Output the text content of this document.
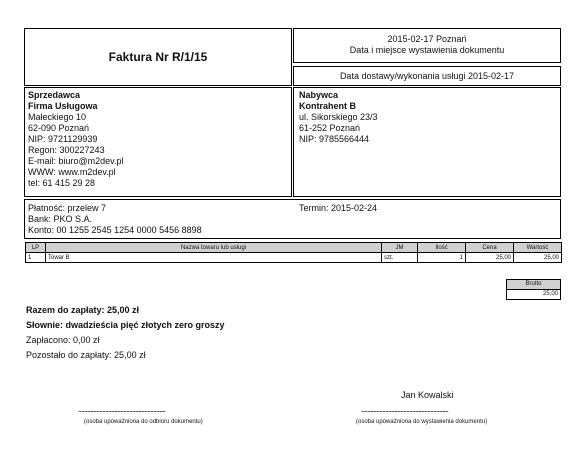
Faktura Nr R/1/15
2015-02-17 Poznań
Data i miejsce wystawienia dokumentu
Data dostawy/wykonania usługi 2015-02-17
Sprzedawca
Firma Usługowa
Małeckiego 10
62-090 Poznań
NIP: 9721129939
Regon: 300227243
E-mail: biuro@m2dev.pl
WWW: www.m2dev.pl
tel: 61 415 29 28
Nabywca
Kontrahent B
ul. Sikorskiego 23/3
61-252 Poznań
NIP: 9785566444
Płatność: przelew 7	Termin: 2015-02-24
Bank: PKO S.A.
Konto: 00 1255 2545 1254 0000 5456 8898
LP	Nazwa towaru lub usługi	JM	Ilość	Cena	Wartość
1	Towar B	szt.	1	25,00	25,00
Brutto
25,00
Razem do zapłaty: 25,00 zł
Słownie: dwadzieścia pięć złotych zero groszy
Zapłacono: 0,00 zł
Pozostało do zapłaty: 25,00 zł
Jan Kowalski
..........................................................	..........................................................
(osoba upoważniona do odbioru dokumentu)	(osoba upoważniona do wystawienia dokumentu)
